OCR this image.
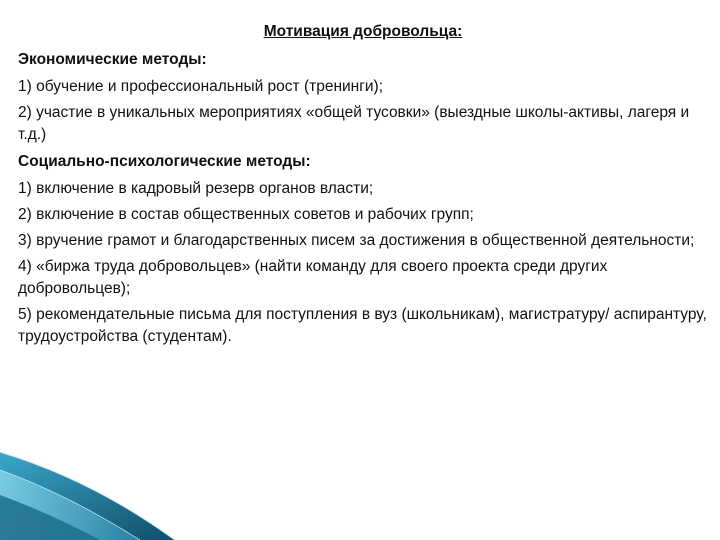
Мотивация добровольца:

Экономические методы:

1) обучение и профессиональный рост (тренинги);

2) участие в уникальных мероприятиях «общей тусовки» (выездные школы-активы, лагеря и т.д.)

Социально-психологические методы:

1) включение в кадровый резерв органов власти;

2) включение в состав общественных советов и рабочих групп;

3) вручение грамот и благодарственных писем за достижения в общественной деятельности;

4) «биржа труда добровольцев» (найти команду для своего проекта среди других добровольцев);

5) рекомендательные письма для поступления в вуз (школьникам), магистратуру/ аспирантуру, трудоустройства (студентам).
